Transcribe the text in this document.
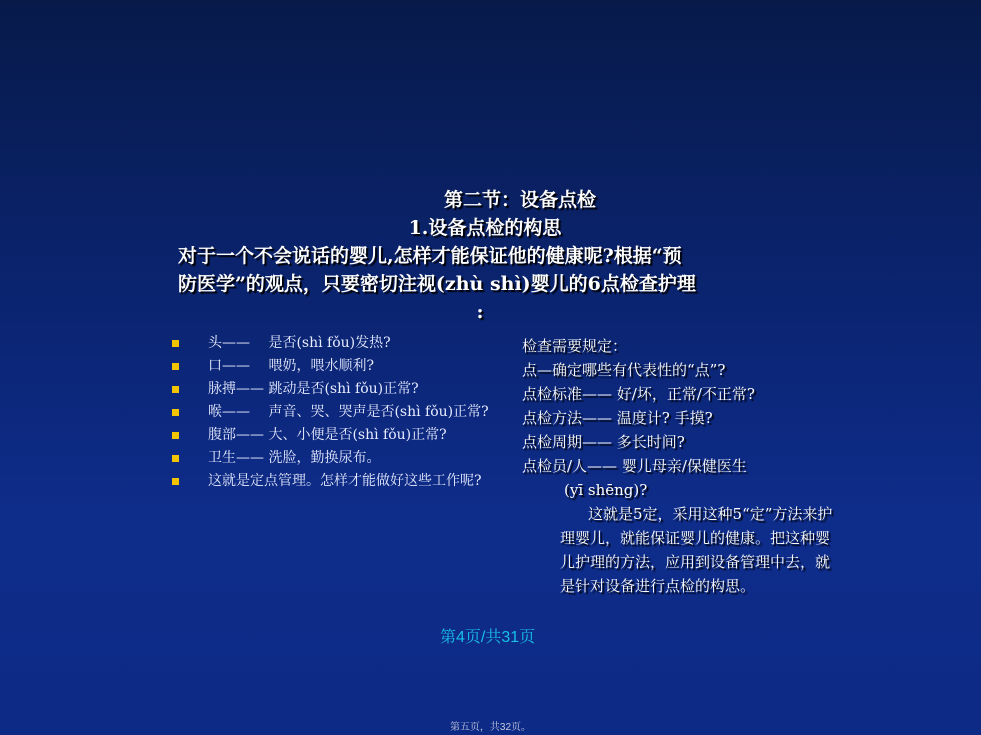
第二节：设备点检
1.设备点检的构思
对于一个不会说话的婴儿,怎样才能保证他的健康呢?根据“预
防医学”的观点，只要密切注视(zhù shì)婴儿的6点检查护理
:
头——　 是否(shì fǒu)发热?
口——　 喂奶，喂水顺利?
脉搏—— 跳动是否(shì fǒu)正常?
喉——　 声音、哭、哭声是否(shì fǒu)正常?
腹部—— 大、小便是否(shì fǒu)正常?
卫生—— 洗脸，勤换尿布。
这就是定点管理。怎样才能做好这些工作呢?
检查需要规定：
点—确定哪些有代表性的“点”?
点检标准—— 好/坏，正常/不正常?
点检方法—— 温度计? 手摸?
点检周期—— 多长时间?
点检员/人—— 婴儿母亲/保健医生
(yī shēng)?
这就是5定，采用这种5“定”方法来护理婴儿，就能保证婴儿的健康。把这种婴儿护理的方法，应用到设备管理中去，就是针对设备进行点检的构思。
第4页/共31页
第五页，共32页。
